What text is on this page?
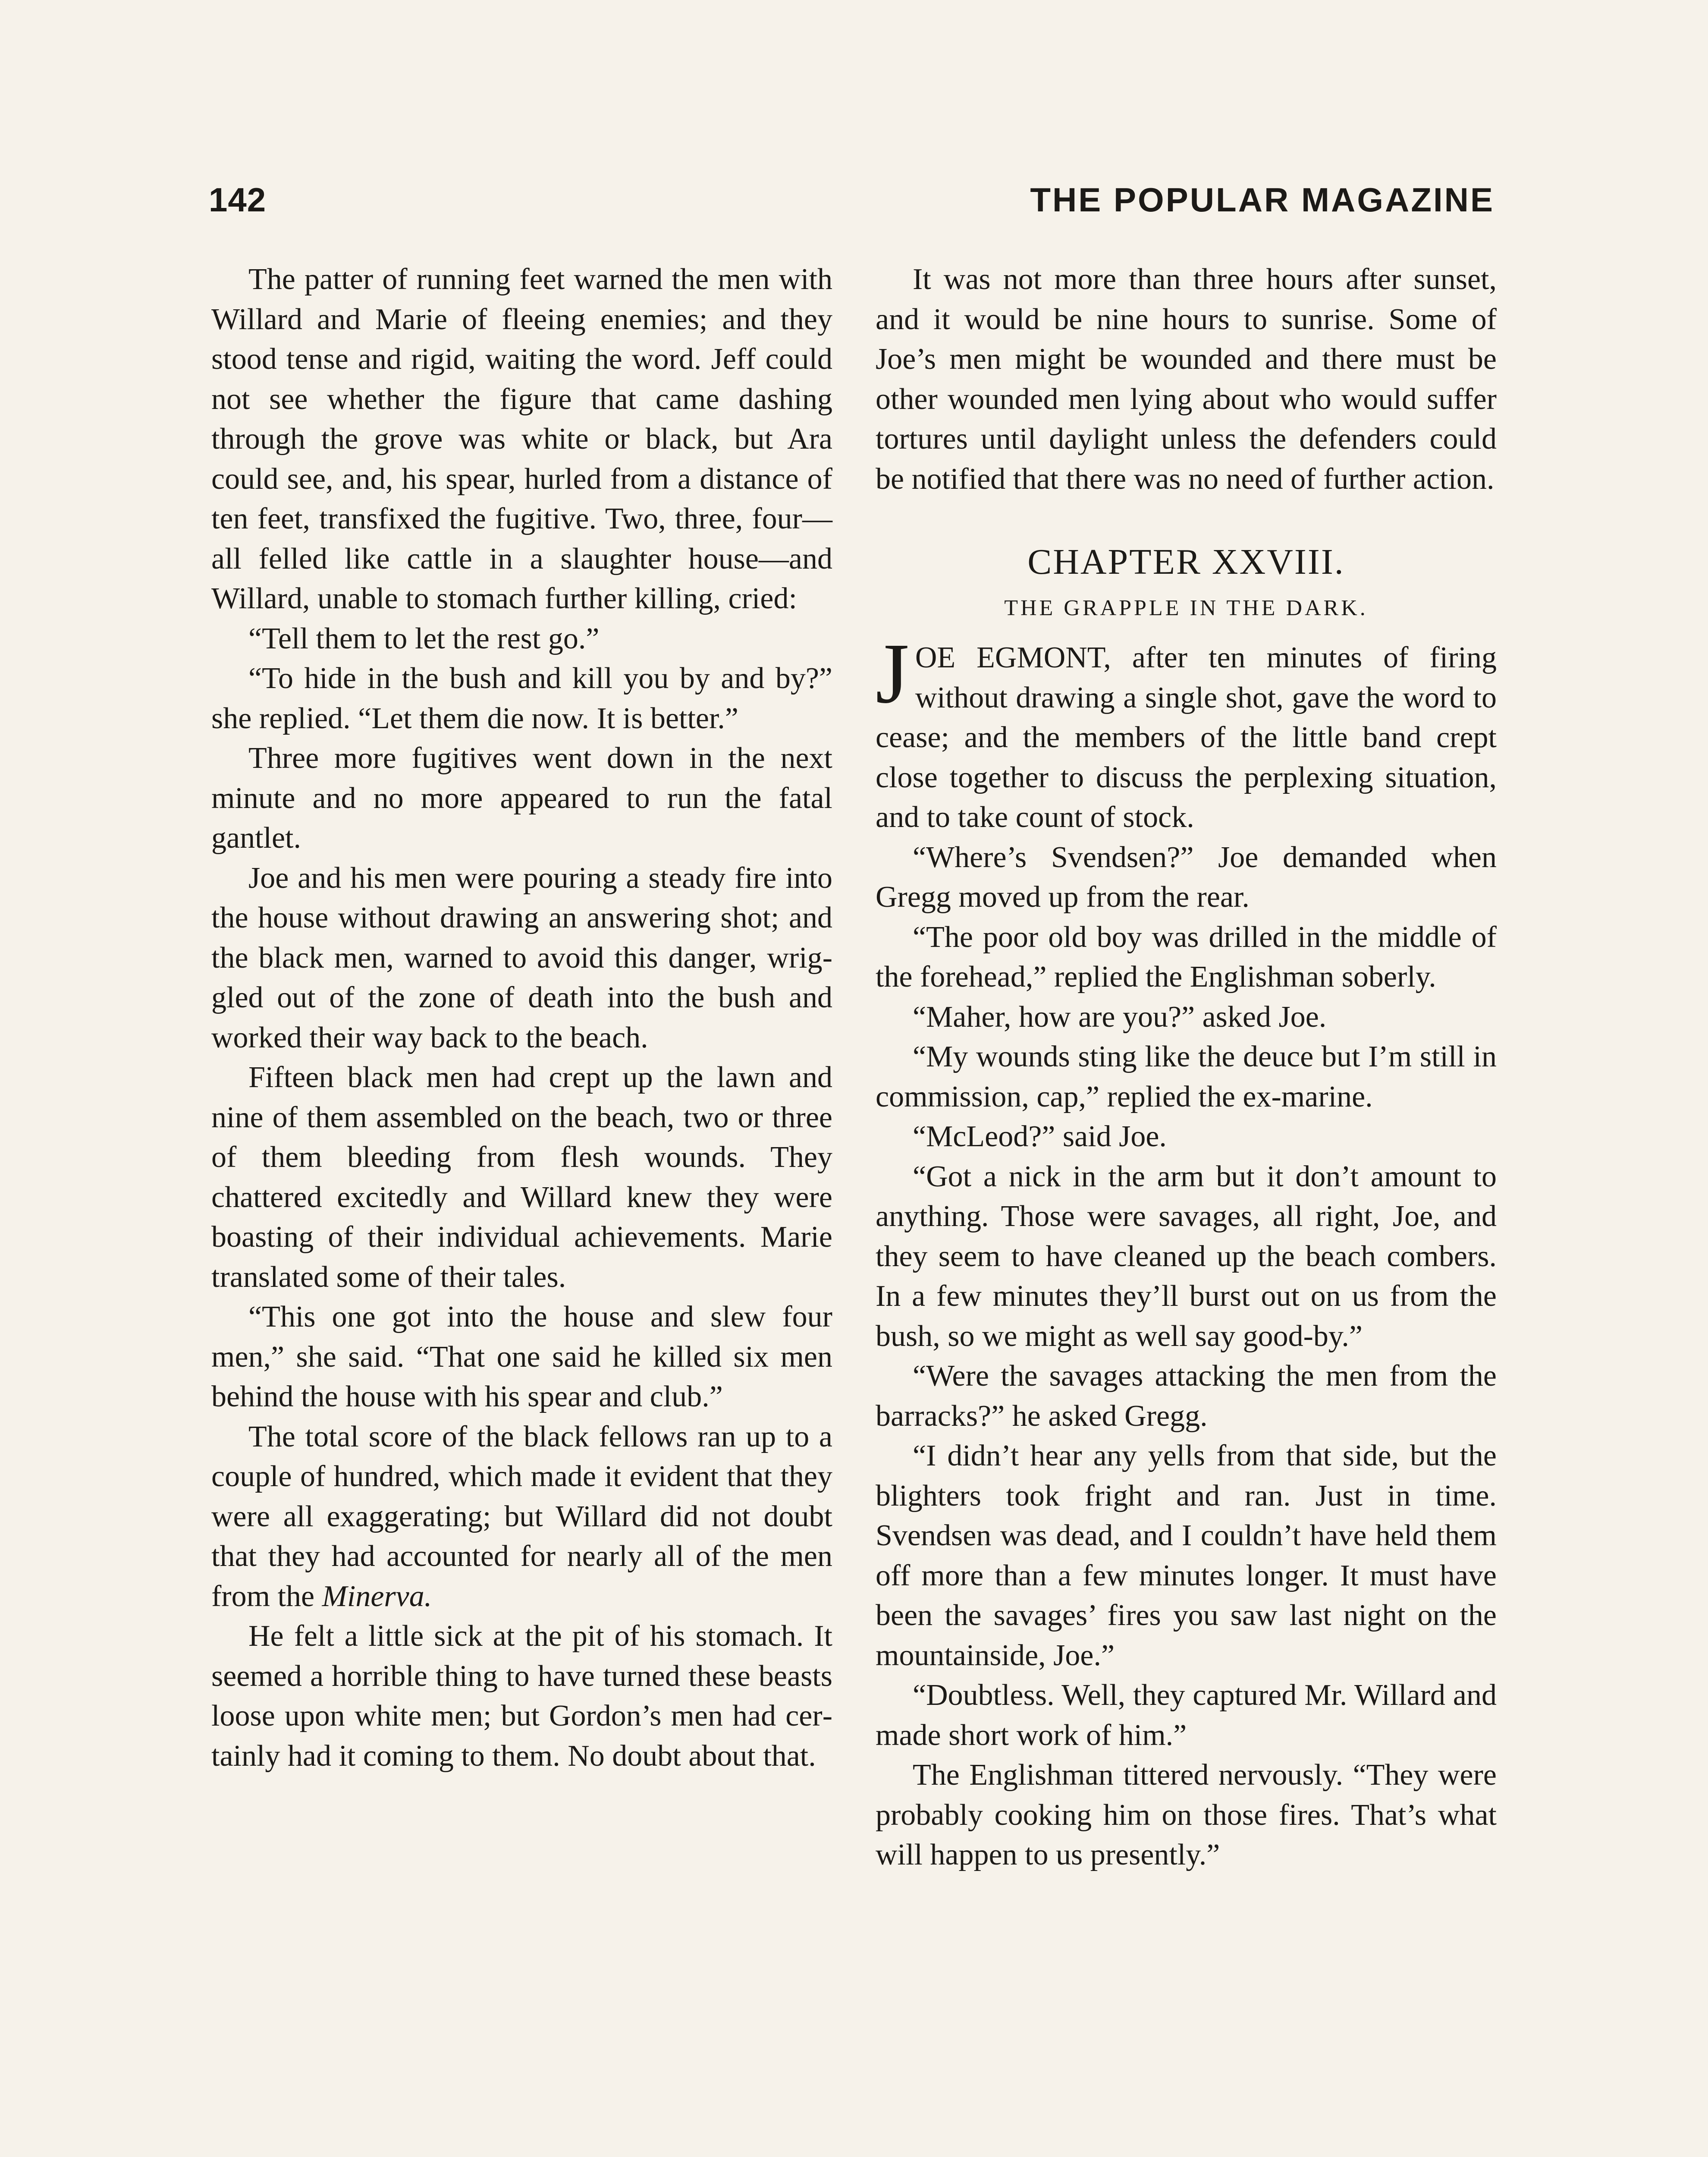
142	THE POPULAR MAGAZINE

The patter of running feet warned the men with Willard and Marie of fleeing enemies; and they stood tense and rigid, waiting the word. Jeff could not see whether the figure that came dashing through the grove was white or black, but Ara could see, and, his spear, hurled from a distance of ten feet, transfixed the fugitive. Two, three, four—all felled like cattle in a slaughter house—and Willard, unable to stomach further killing, cried:

“Tell them to let the rest go.”

“To hide in the bush and kill you by and by?” she replied. “Let them die now. It is better.”

Three more fugitives went down in the next minute and no more appeared to run the fatal gantlet.

Joe and his men were pouring a steady fire into the house without drawing an answering shot; and the black men, warned to avoid this danger, wriggled out of the zone of death into the bush and worked their way back to the beach.

Fifteen black men had crept up the lawn and nine of them assembled on the beach, two or three of them bleeding from flesh wounds. They chattered excitedly and Willard knew they were boasting of their individual achievements. Marie translated some of their tales.

“This one got into the house and slew four men,” she said. “That one said he killed six men behind the house with his spear and club.”

The total score of the black fellows ran up to a couple of hundred, which made it evident that they were all exaggerating; but Willard did not doubt that they had accounted for nearly all of the men from the Minerva.

He felt a little sick at the pit of his stomach. It seemed a horrible thing to have turned these beasts loose upon white men; but Gordon’s men had certainly had it coming to them. No doubt about that.

It was not more than three hours after sunset, and it would be nine hours to sunrise. Some of Joe’s men might be wounded and there must be other wounded men lying about who would suffer tortures until daylight unless the defenders could be notified that there was no need of further action.

CHAPTER XXVIII.
THE GRAPPLE IN THE DARK.

JOE EGMONT, after ten minutes of firing without drawing a single shot, gave the word to cease; and the members of the little band crept close together to discuss the perplexing situation, and to take count of stock.

“Where’s Svendsen?” Joe demanded when Gregg moved up from the rear.

“The poor old boy was drilled in the middle of the forehead,” replied the Englishman soberly.

“Maher, how are you?” asked Joe.

“My wounds sting like the deuce but I’m still in commission, cap,” replied the ex-marine.

“McLeod?” said Joe.

“Got a nick in the arm but it don’t amount to anything. Those were savages, all right, Joe, and they seem to have cleaned up the beach combers. In a few minutes they’ll burst out on us from the bush, so we might as well say good-by.”

“Were the savages attacking the men from the barracks?” he asked Gregg.

“I didn’t hear any yells from that side, but the blighters took fright and ran. Just in time. Svendsen was dead, and I couldn’t have held them off more than a few minutes longer. It must have been the savages’ fires you saw last night on the mountainside, Joe.”

“Doubtless. Well, they captured Mr. Willard and made short work of him.”

The Englishman tittered nervously. “They were probably cooking him on those fires. That’s what will happen to us presently.”
